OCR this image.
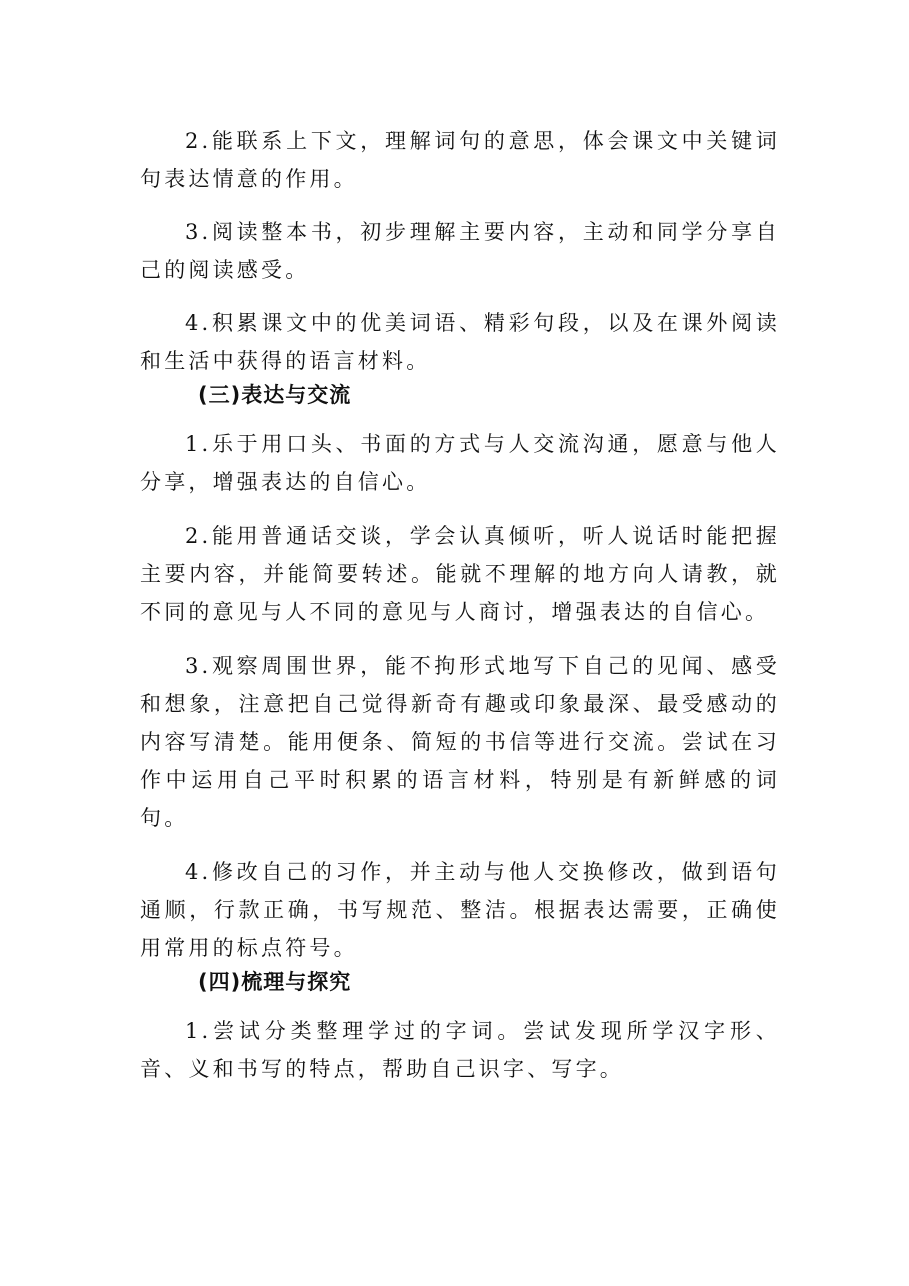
2.能联系上下文，理解词句的意思，体会课文中关键词句表达情意的作用。

3.阅读整本书，初步理解主要内容，主动和同学分享自己的阅读感受。

4.积累课文中的优美词语、精彩句段，以及在课外阅读和生活中获得的语言材料。

(三)表达与交流

1.乐于用口头、书面的方式与人交流沟通，愿意与他人分享，增强表达的自信心。

2.能用普通话交谈，学会认真倾听，听人说话时能把握主要内容，并能简要转述。能就不理解的地方向人请教，就不同的意见与人不同的意见与人商讨，增强表达的自信心。

3.观察周围世界，能不拘形式地写下自己的见闻、感受和想象，注意把自己觉得新奇有趣或印象最深、最受感动的内容写清楚。能用便条、简短的书信等进行交流。尝试在习作中运用自己平时积累的语言材料，特别是有新鲜感的词句。

4.修改自己的习作，并主动与他人交换修改，做到语句通顺，行款正确，书写规范、整洁。根据表达需要，正确使用常用的标点符号。

(四)梳理与探究

1.尝试分类整理学过的字词。尝试发现所学汉字形、音、义和书写的特点，帮助自己识字、写字。
